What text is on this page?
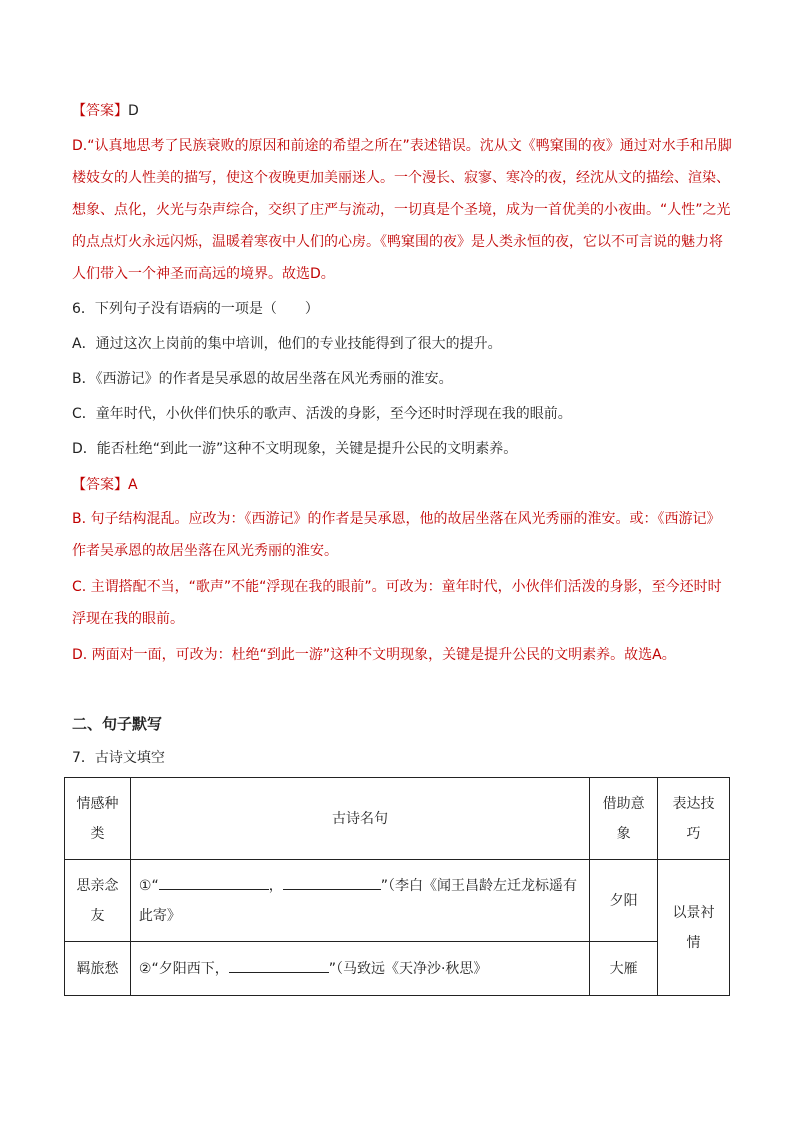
【答案】D
D.“认真地思考了民族衰败的原因和前途的希望之所在”表述错误。沈从文《鸭窠围的夜》通过对水手和吊脚
楼妓女的人性美的描写，使这个夜晚更加美丽迷人。一个漫长、寂寥、寒冷的夜，经沈从文的描绘、渲染、
想象、点化，火光与杂声综合，交织了庄严与流动，一切真是个圣境，成为一首优美的小夜曲。“人性”之光
的点点灯火永远闪烁，温暖着寒夜中人们的心房。《鸭窠围的夜》是人类永恒的夜，它以不可言说的魅力将
人们带入一个神圣而高远的境界。故选D。
6．下列句子没有语病的一项是（　　）
A．通过这次上岗前的集中培训，他们的专业技能得到了很大的提升。
B．《西游记》的作者是吴承恩的故居坐落在风光秀丽的淮安。
C．童年时代，小伙伴们快乐的歌声、活泼的身影，至今还时时浮现在我的眼前。
D．能否杜绝“到此一游”这种不文明现象，关键是提升公民的文明素养。
【答案】A
B. 句子结构混乱。应改为：《西游记》的作者是吴承恩，他的故居坐落在风光秀丽的淮安。或：《西游记》
作者吴承恩的故居坐落在风光秀丽的淮安。
C. 主谓搭配不当，“歌声”不能“浮现在我的眼前”。可改为：童年时代，小伙伴们活泼的身影，至今还时时
浮现在我的眼前。
D. 两面对一面，可改为：杜绝“到此一游”这种不文明现象，关键是提升公民的文明素养。故选A。
二、句子默写
7．古诗文填空
情感种类	古诗名句	借助意象	表达技巧
思亲念友	①“ ， ”（李白《闻王昌龄左迁龙标遥有此寄》	夕阳	以景衬情
羁旅愁	②“夕阳西下， ”（马致远《天净沙·秋思》	大雁	
